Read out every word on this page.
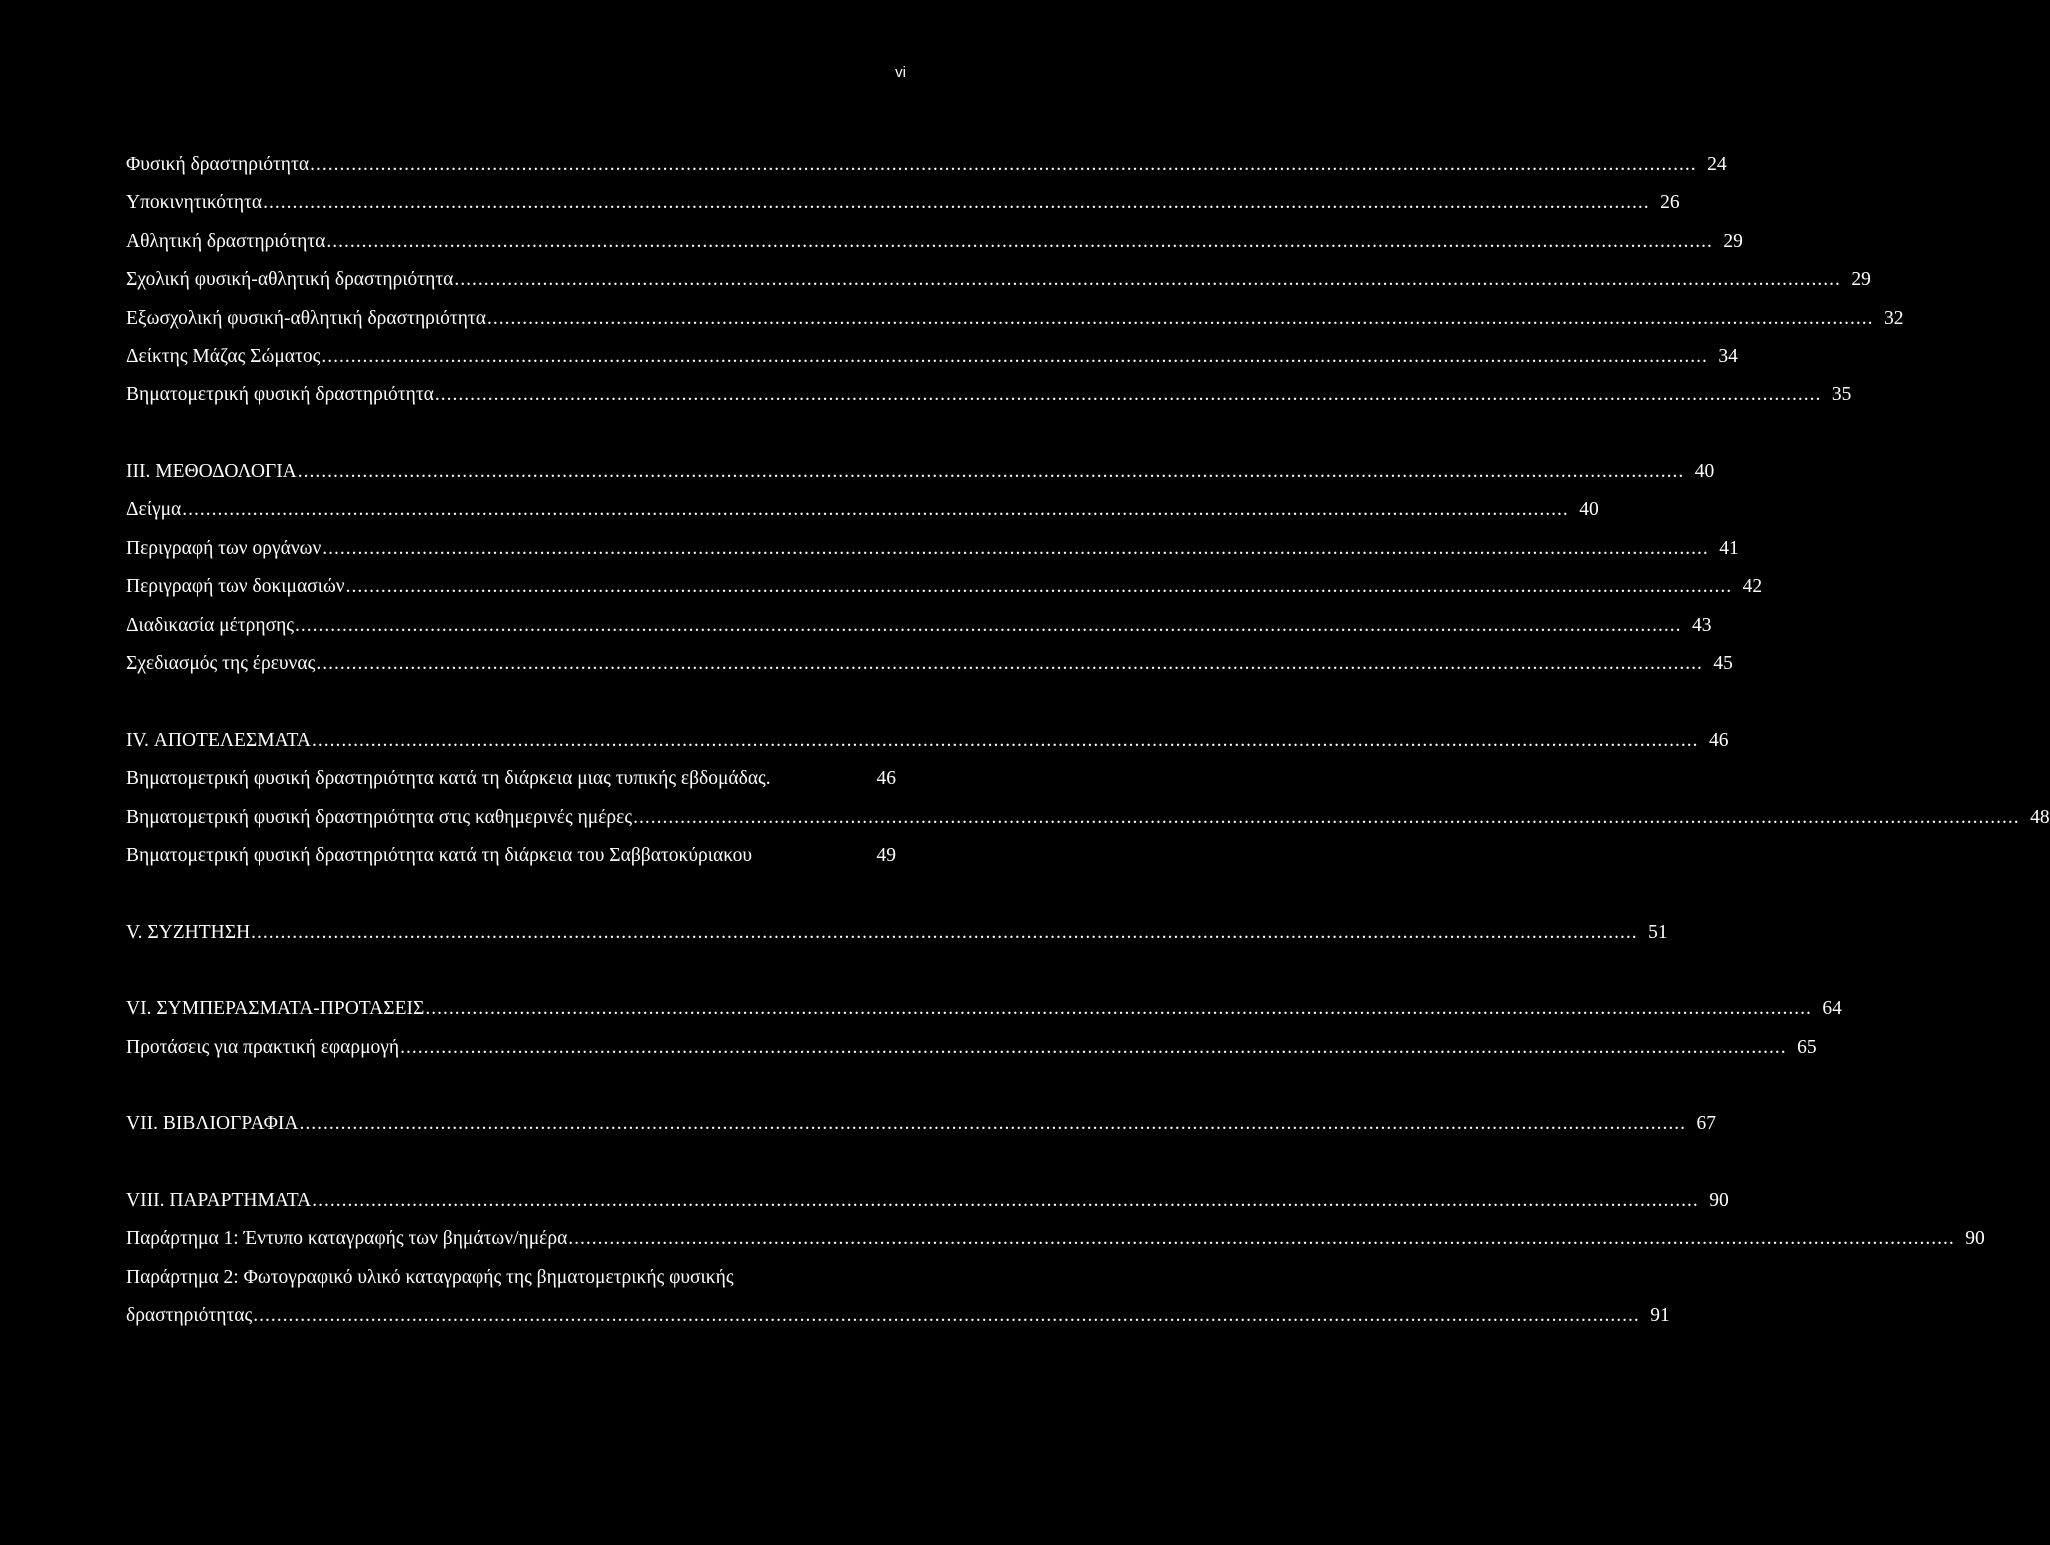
vi
Φυσική δραστηριότητα .....	24
Υποκινητικότητα .....	26
Αθλητική δραστηριότητα .....	29
Σχολική φυσική-αθλητική δραστηριότητα .....	29
Εξωσχολική φυσική-αθλητική δραστηριότητα .....	32
Δείκτης Μάζας Σώματος .....	34
Βηματομετρική φυσική δραστηριότητα .....	35
III. ΜΕΘΟΔΟΛΟΓΙΑ .....	40
Δείγμα .....	40
Περιγραφή των οργάνων .....	41
Περιγραφή των δοκιμασιών .....	42
Διαδικασία μέτρησης .....	43
Σχεδιασμός της έρευνας .....	45
IV. ΑΠΟΤΕΛΕΣΜΑΤΑ .....	46
Βηματομετρική φυσική δραστηριότητα κατά τη διάρκεια μιας τυπικής εβδομάδας.	46
Βηματομετρική φυσική δραστηριότητα στις καθημερινές ημέρες .....	48
Βηματομετρική φυσική δραστηριότητα κατά τη διάρκεια του Σαββατοκύριακου	49
V. ΣΥΖΗΤΗΣΗ .....	51
VI. ΣΥΜΠΕΡΑΣΜΑΤΑ-ΠΡΟΤΑΣΕΙΣ .....	64
Προτάσεις για πρακτική εφαρμογή .....	65
VII. ΒΙΒΛΙΟΓΡΑΦΙΑ .....	67
VIII. ΠΑΡΑΡΤΗΜΑΤΑ .....	90
Παράρτημα 1: Έντυπο καταγραφής των βημάτων/ημέρα .....	90
Παράρτημα 2: Φωτογραφικό υλικό καταγραφής της βηματομετρικής φυσικής
δραστηριότητας .....	91
